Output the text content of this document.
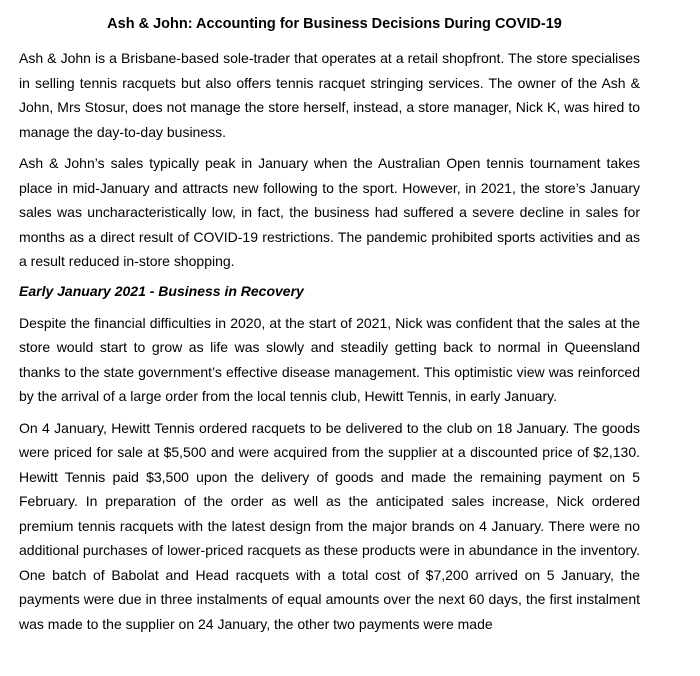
Ash & John: Accounting for Business Decisions During COVID-19

Ash & John is a Brisbane-based sole-trader that operates at a retail shopfront. The store specialises in selling tennis racquets but also offers tennis racquet stringing services. The owner of the Ash & John, Mrs Stosur, does not manage the store herself, instead, a store manager, Nick K, was hired to manage the day-to-day business.

Ash & John’s sales typically peak in January when the Australian Open tennis tournament takes place in mid-January and attracts new following to the sport. However, in 2021, the store’s January sales was uncharacteristically low, in fact, the business had suffered a severe decline in sales for months as a direct result of COVID-19 restrictions. The pandemic prohibited sports activities and as a result reduced in-store shopping.

Early January 2021 - Business in Recovery

Despite the financial difficulties in 2020, at the start of 2021, Nick was confident that the sales at the store would start to grow as life was slowly and steadily getting back to normal in Queensland thanks to the state government’s effective disease management. This optimistic view was reinforced by the arrival of a large order from the local tennis club, Hewitt Tennis, in early January.

On 4 January, Hewitt Tennis ordered racquets to be delivered to the club on 18 January. The goods were priced for sale at $5,500 and were acquired from the supplier at a discounted price of $2,130. Hewitt Tennis paid $3,500 upon the delivery of goods and made the remaining payment on 5 February. In preparation of the order as well as the anticipated sales increase, Nick ordered premium tennis racquets with the latest design from the major brands on 4 January. There were no additional purchases of lower-priced racquets as these products were in abundance in the inventory. One batch of Babolat and Head racquets with a total cost of $7,200 arrived on 5 January, the payments were due in three instalments of equal amounts over the next 60 days, the first instalment was made to the supplier on 24 January, the other two payments were made
